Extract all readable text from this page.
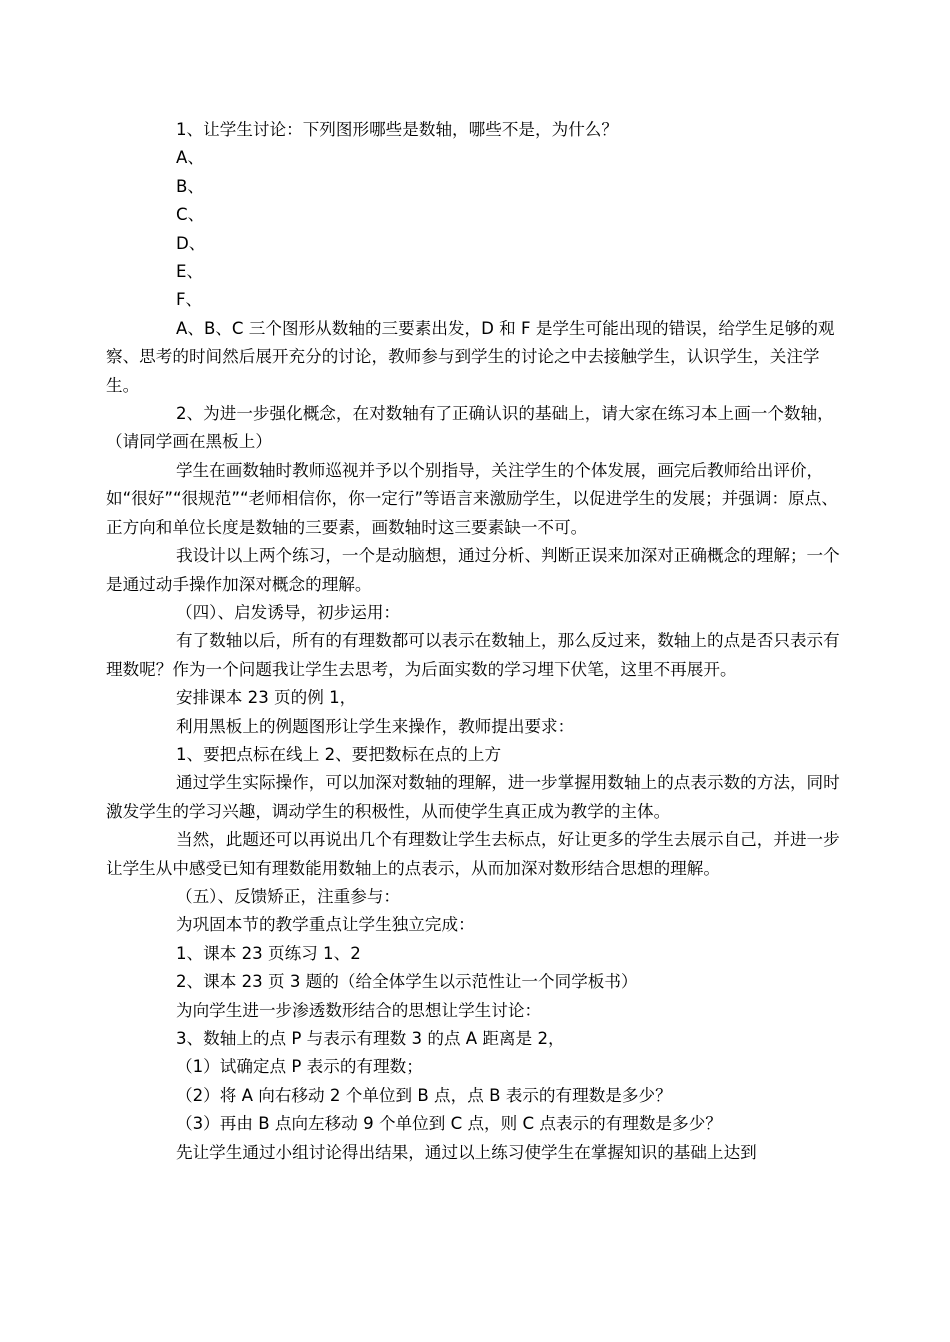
1、让学生讨论：下列图形哪些是数轴，哪些不是，为什么？

A、

B、

C、

D、

E、

F、

A、B、C 三个图形从数轴的三要素出发，D 和 F 是学生可能出现的错误，给学生足够的观察、思考的时间然后展开充分的讨论，教师参与到学生的讨论之中去接触学生，认识学生，关注学生。

2、为进一步强化概念，在对数轴有了正确认识的基础上，请大家在练习本上画一个数轴，（请同学画在黑板上）

学生在画数轴时教师巡视并予以个别指导，关注学生的个体发展，画完后教师给出评价，如“很好”“很规范”“老师相信你，你一定行”等语言来激励学生，以促进学生的发展；并强调：原点、正方向和单位长度是数轴的三要素，画数轴时这三要素缺一不可。

我设计以上两个练习，一个是动脑想，通过分析、判断正误来加深对正确概念的理解；一个是通过动手操作加深对概念的理解。

（四）、启发诱导，初步运用：

有了数轴以后，所有的有理数都可以表示在数轴上，那么反过来，数轴上的点是否只表示有理数呢？作为一个问题我让学生去思考，为后面实数的学习埋下伏笔，这里不再展开。

安排课本 23 页的例 1，

利用黑板上的例题图形让学生来操作，教师提出要求：

1、要把点标在线上 2、要把数标在点的上方

通过学生实际操作，可以加深对数轴的理解，进一步掌握用数轴上的点表示数的方法，同时激发学生的学习兴趣，调动学生的积极性，从而使学生真正成为教学的主体。

当然，此题还可以再说出几个有理数让学生去标点，好让更多的学生去展示自己，并进一步让学生从中感受已知有理数能用数轴上的点表示，从而加深对数形结合思想的理解。

（五）、反馈矫正，注重参与：

为巩固本节的教学重点让学生独立完成：

1、课本 23 页练习 1、2

2、课本 23 页 3 题的（给全体学生以示范性让一个同学板书）

为向学生进一步渗透数形结合的思想让学生讨论：

3、数轴上的点 P 与表示有理数 3 的点 A 距离是 2，

（1）试确定点 P 表示的有理数；

（2）将 A 向右移动 2 个单位到 B 点，点 B 表示的有理数是多少？

（3）再由 B 点向左移动 9 个单位到 C 点，则 C 点表示的有理数是多少？

先让学生通过小组讨论得出结果，通过以上练习使学生在掌握知识的基础上达到
